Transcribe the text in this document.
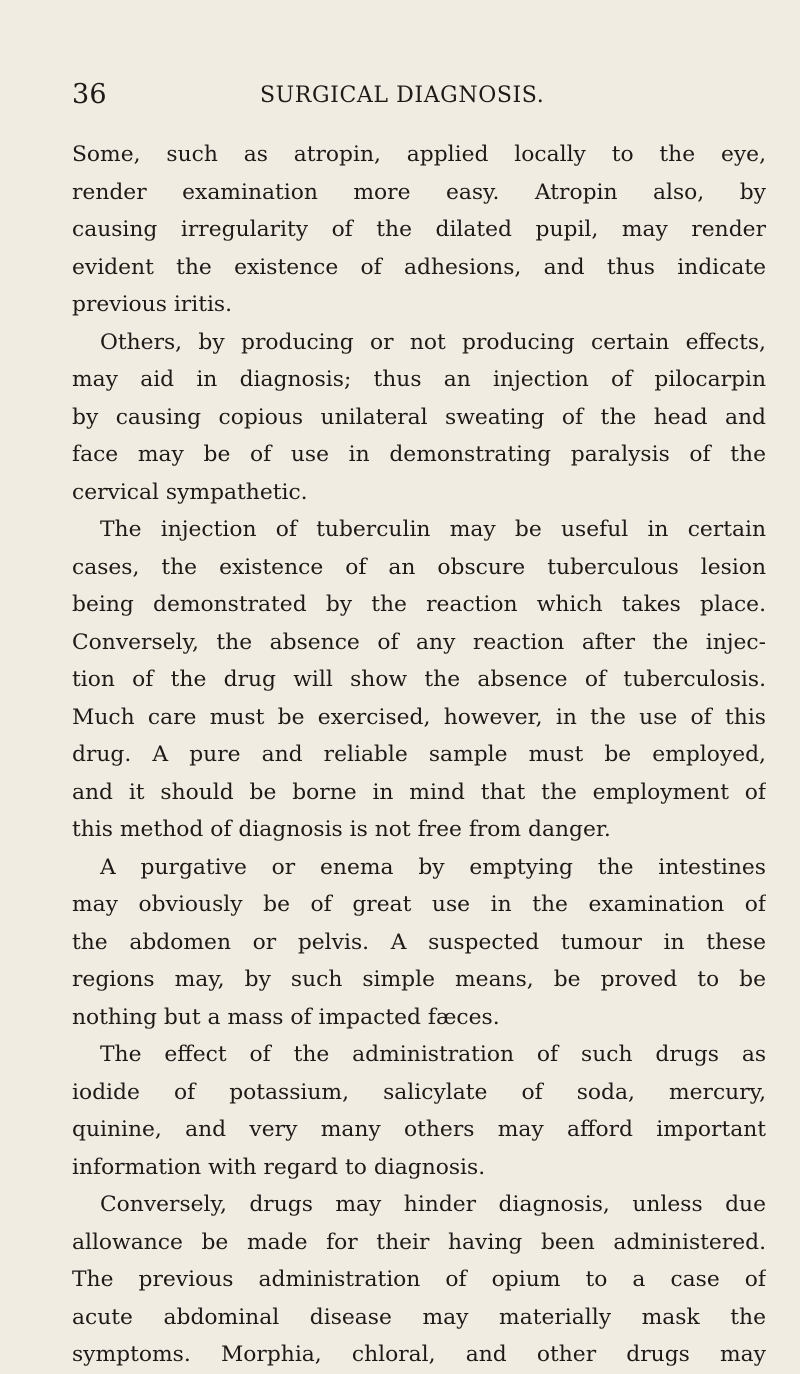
36	SURGICAL DIAGNOSIS.
Some, such as atropin, applied locally to the eye,
render examination more easy. Atropin also, by
causing irregularity of the dilated pupil, may render
evident the existence of adhesions, and thus indicate
previous iritis.
Others, by producing or not producing certain effects,
may aid in diagnosis; thus an injection of pilocarpin
by causing copious unilateral sweating of the head and
face may be of use in demonstrating paralysis of the
cervical sympathetic.
The injection of tuberculin may be useful in certain
cases, the existence of an obscure tuberculous lesion
being demonstrated by the reaction which takes place.
Conversely, the absence of any reaction after the injec-
tion of the drug will show the absence of tuberculosis.
Much care must be exercised, however, in the use of this
drug. A pure and reliable sample must be employed,
and it should be borne in mind that the employment of
this method of diagnosis is not free from danger.
A purgative or enema by emptying the intestines
may obviously be of great use in the examination of
the abdomen or pelvis. A suspected tumour in these
regions may, by such simple means, be proved to be
nothing but a mass of impacted fæces.
The effect of the administration of such drugs as
iodide of potassium, salicylate of soda, mercury,
quinine, and very many others may afford important
information with regard to diagnosis.
Conversely, drugs may hinder diagnosis, unless due
allowance be made for their having been administered.
The previous administration of opium to a case of
acute abdominal disease may materially mask the
symptoms. Morphia, chloral, and other drugs may
